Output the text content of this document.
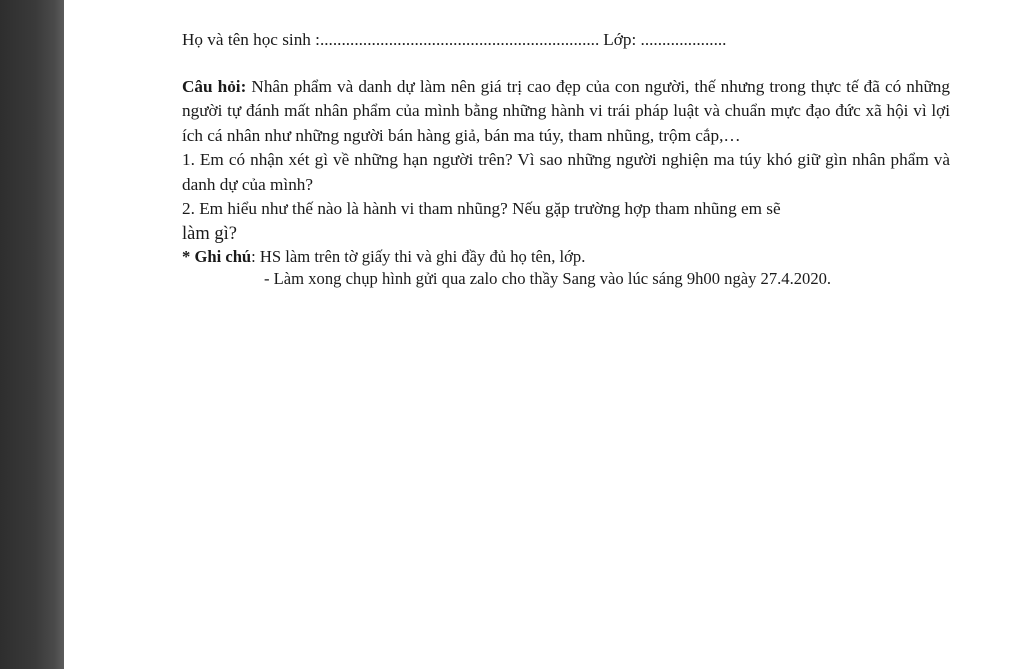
Họ và tên học sinh :................................................................. Lớp: ....................
Câu hỏi: Nhân phẩm và danh dự làm nên giá trị cao đẹp của con người, thế nhưng trong thực tế đã có những người tự đánh mất nhân phẩm của mình bằng những hành vi trái pháp luật và chuẩn mực đạo đức xã hội vì lợi ích cá nhân như những người bán hàng giả, bán ma túy, tham nhũng, trộm cắp,…
1. Em có nhận xét gì về những hạn người trên? Vì sao những người nghiện ma túy khó giữ gìn nhân phẩm và danh dự của mình?
2. Em hiểu như thế nào là hành vi tham nhũng? Nếu gặp trường hợp tham nhũng em sẽ
làm gì?
* Ghi chú: HS làm trên tờ giấy thi và ghi đầy đủ họ tên, lớp.
- Làm xong chụp hình gửi qua zalo cho thầy Sang vào lúc sáng 9h00 ngày 27.4.2020.
